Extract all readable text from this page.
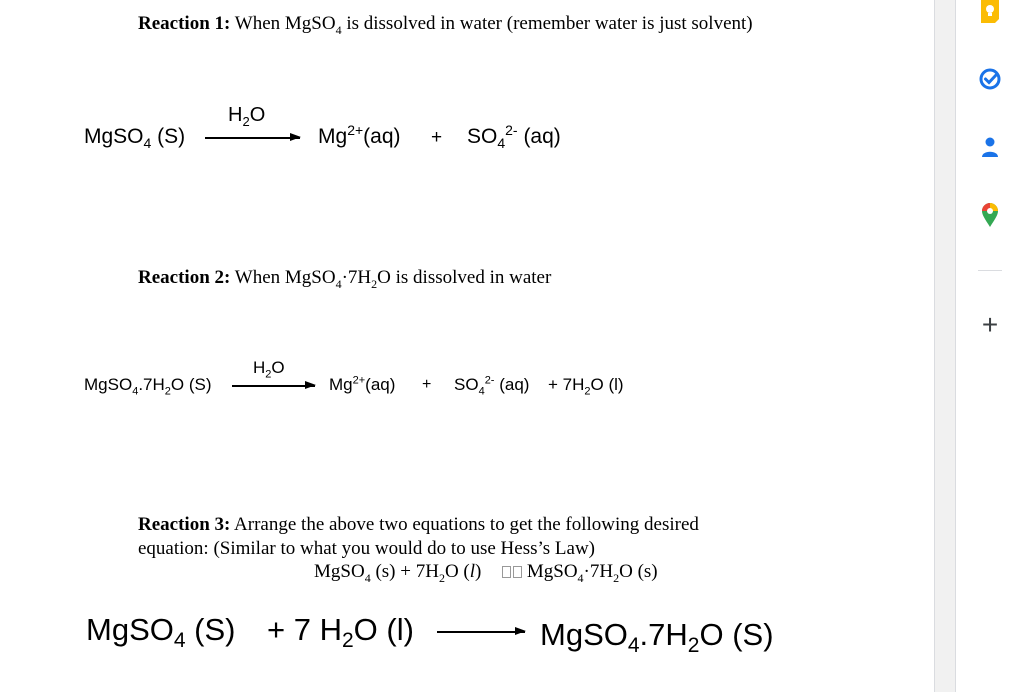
Reaction 1: When MgSO$_4$ is dissolved in water (remember water is just solvent)
$H_2O$
MgSO$_4$ (S)	$Mg^{2+}(aq) + SO_4^{2-}$ (aq)
Reaction 2: When $MgSO_4\cdot 7H_2O$ is dissolved in water
$H_2O$
$MgSO_4.7H_2O$ (S)	$Mg^{2+}(aq) + SO_4^{2-}$ $(aq) + 7H_2O$ (l)
Reaction 3: Arrange the above two equations to get the following desired
equation: (Similar to what you would do to use Hess’s Law)
MgSO$_4$ $(s) + 7H_2O$ (l) $MgSO_4\cdot 7H_2O$ (s)
MgSO$_4$ (S) + 7 $H_2O$ (l)	$MgSO_4.7H_2O$ (S)
+
